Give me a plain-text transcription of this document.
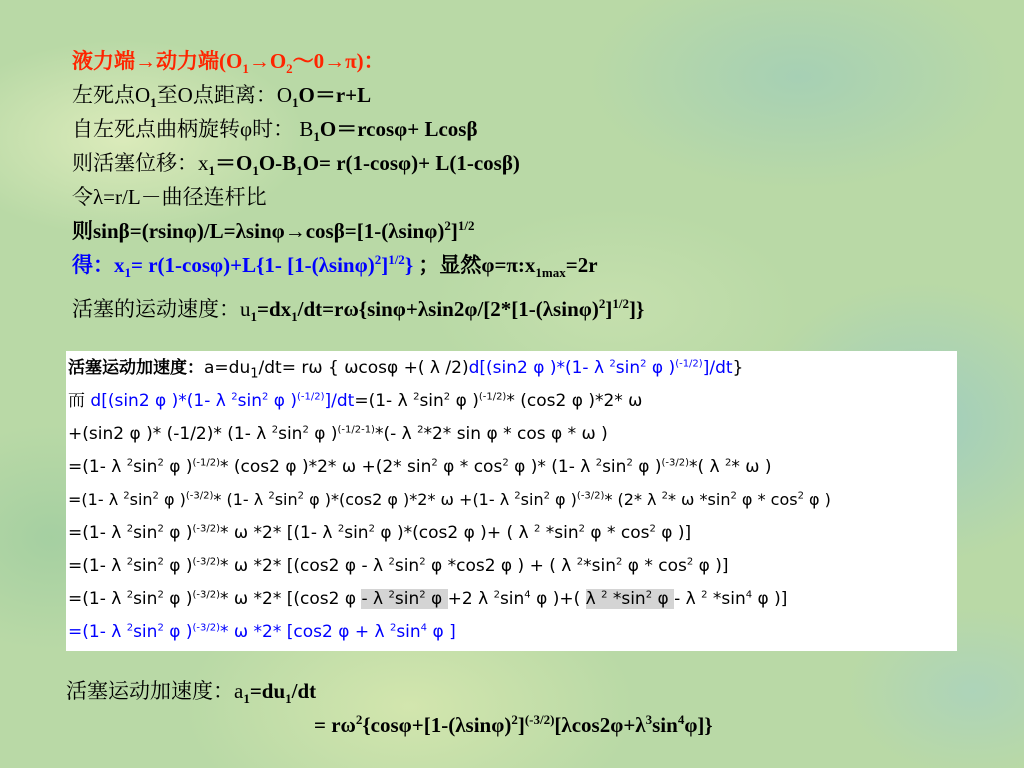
液力端→动力端$(O_1\to O_2\sim 0\to\pi)$：
左死点$O_1$至O点距离：$O_1O=r+L$
自左死点曲柄旋转φ时： $B_1O=rcos\varphi+ Lcos\beta$
则活塞位移：$x_1=O_1O-B_1O= r(1-\cos\varphi)+ L(1-\cos\beta)$
令λ=r/L－曲径连杆比
则$\sin\beta=(rsin\varphi)/L=\lambda\sin\varphi\to\cos\beta=[1-(\lambda\sin\varphi)^2]^{1/2}$
得：$x_1= r(1-\cos\varphi)+L\{1-$ $[1-(\lambda\sin\varphi)^2]^{1/2}$} ；显然$\varphi=\pi:x_{1max}=2r$
活塞的运动速度：$u_1=dx_1/dt=r\omega\{\sin\varphi+\lambda\sin 2\varphi/[2*[1-(\lambda\sin\varphi)^2]^{1/2}]\}$
活塞运动加速度：$a=du_1/dt= r\omega$ { ωcosφ +( λ /2)d[(sin2 φ )*(1- λ $^2\sin^2$ φ )$^{(-1/2)}$]/dt}
而 d[(sin2 φ )*(1- λ $^2\sin^2$ φ )$^{(-1/2)}$]/dt=(1- λ $^2\sin^2$ φ )$^{(-1/2)}$* (cos2 φ )*2* ω
+(sin2 φ )* (-1/2)* (1- λ $^2\sin^2$ φ )$^{(-1/2-1)}$*(- λ $^2$*2* sin φ * cos φ * ω )
=(1- λ $^2\sin^2$ φ )$^{(-1/2)}$* (cos2 φ )*2* ω +(2* $\sin^2 \varphi * \cos^2 \varphi$ )* (1- λ $^2\sin^2$ φ )$^{(-3/2)}$*( λ $^2$* ω )
=(1- λ $^2\sin^2$ φ )$^{(-3/2)}$* (1- λ $^2\sin^2$ φ )*(cos2 φ )*2* ω +(1- λ $^2\sin^2$ φ )$^{(-3/2)}$* (2* λ $^2$* ω $*\sin^2$ φ * $\cos^2 \varphi$ )
=(1- λ $^2\sin^2$ φ )$^{(-3/2)}$* ω *2* [(1- λ $^2\sin^2$ φ )*(cos2 φ )+ ( λ $^2$ $*\sin^2$ φ * $\cos^2 \varphi$ )]
=(1- λ $^2\sin^2$ φ )$^{(-3/2)}$* ω *2* [(cos2 φ - λ $^2\sin^2$ φ *cos2 φ ) + ( λ $^2*\sin^2$ φ * $\cos^2 \varphi$ )]
=(1- λ $^2\sin^2$ φ )$^{(-3/2)}$* ω *2* [(cos2 φ - λ $^2\sin^2$ φ +2 λ $^2\sin^4$ φ )+( λ $^2$ $*\sin^2$ φ - λ $^2$ $*\sin^4$ φ )]
=(1- λ $^2\sin^2$ φ )$^{(-3/2)}$* ω *2* [cos2 φ + λ $^2\sin^4$ φ ]
活塞运动加速度：$a_1=du_1/dt$
= $r\omega^2\{\cos\varphi+[1-(\lambda\sin\varphi)^2]^{(-3/2)}[\lambda\cos 2\varphi+\lambda^3\sin^4\varphi]\}$
